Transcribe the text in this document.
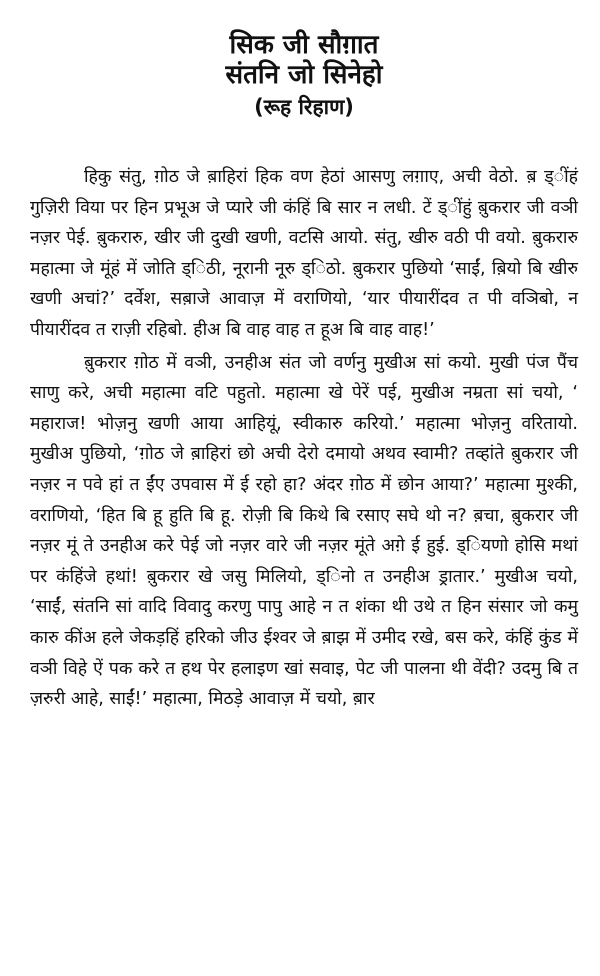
सिक जी सौग़ात
संतनि जो सिनेहो
(रूह रिहाण)

हिकु संतु, ग़ोठ जे ब़ाहिरां हिक वण हेठां आसणु लग़ाए, अची वेठो. ब़ ड्ींहं गुज़िरी विया पर हिन प्रभूअ जे प्यारे जी कंहिं बि सार न लधी. टें ड्ींहुं ब़ुकरार जी वञी नज़र पेई. ब़ुकरारु, खीर जी दुखी खणी, वटसि आयो. संतु, खीरु वठी पी वयो. ब़ुकरारु महात्मा जे मूंहं में जोति ड्िठी, नूरानी नूरु ड्िठो. ब़ुकरार पुछियो ‘साईं, ब़ियो बि खीरु खणी अचां?’ दर्वेश, सब़ाजे आवाज़ में वराणियो, ‘यार पीयारींदव त पी वञिबो, न पीयारींदव त राज़ी रहिबो. हीअ बि वाह वाह त हूअ बि वाह वाह!’

ब़ुकरार ग़ोठ में वञी, उनहीअ संत जो वर्णनु मुखीअ सां कयो. मुखी पंज पैंच साणु करे, अची महात्मा वटि पहुतो. महात्मा खे पेरें पई, मुखीअ नम्रता सां चयो, ‘ महाराज! भोज़नु खणी आया आहियूं, स्वीकारु करियो.’ महात्मा भोज़नु वरितायो. मुखीअ पुछियो, ‘ग़ोठ जे ब़ाहिरां छो अची देरो दमायो अथव स्वामी? तव्हांते ब़ुकरार जी नज़र न पवे हां त ईंए उपवास में ई रहो हा? अंदर ग़ोठ में छोन आया?’ महात्मा मुश्की, वराणियो, ‘हित बि हू हुति बि हू. रोज़ी बि किथे बि रसाए सघे थो न? ब़चा, ब़ुकरार जी नज़र मूं ते उनहीअ करे पेई जो नज़र वारे जी नज़र मूंते अग़े ई हुई. ड्ियणो होसि मथां पर कंहिंजे हथां! ब़ुकरार खे जसु मिलियो, ड्िनो त उनहीअ ड्रातार.’ मुखीअ चयो, ‘साईं, संतनि सां वादि विवादु करणु पापु आहे न त शंका थी उथे त हिन संसार जो कमु कारु कींअ हले जेकड़हिं हरिको जीउ ईश्वर जे ब़ाझ में उमीद रखे, बस करे, कंहिं कुंड में वञी विहे ऐं पक करे त हथ पेर हलाइण खां सवाइ, पेट जी पालना थी वेंदी? उदमु बि त ज़रुरी आहे, साईं!’ महात्मा, मिठड़े आवाज़ में चयो, ब़ार
